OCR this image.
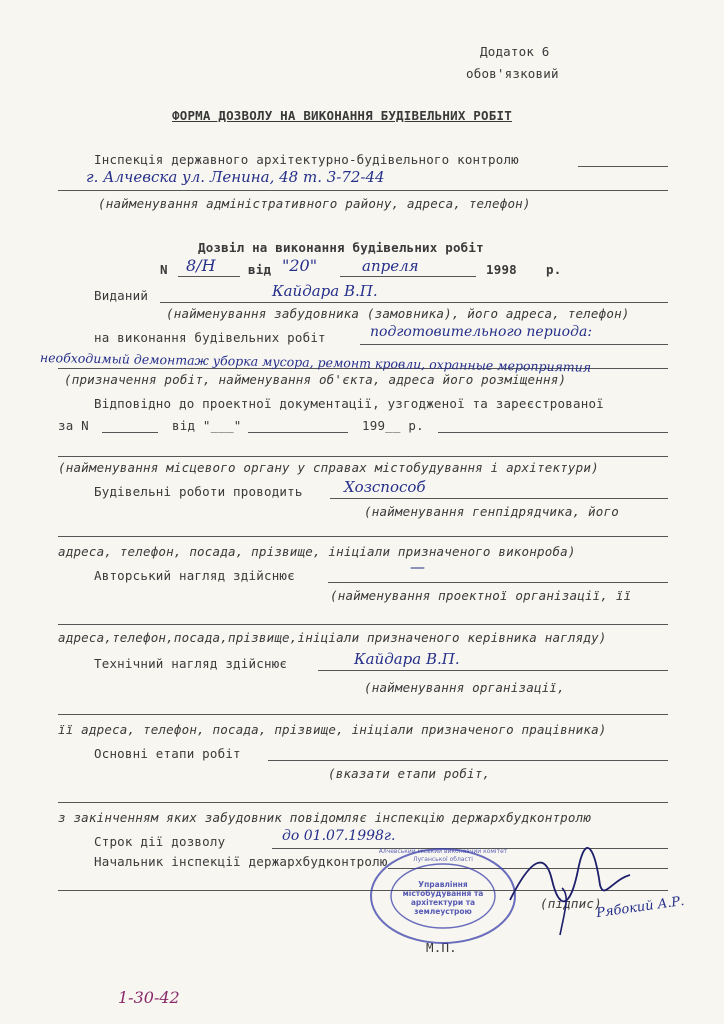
Додаток 6
обов'язковий
ФОРМА ДОЗВОЛУ НА ВИКОНАННЯ БУДІВЕЛЬНИХ РОБІТ
Інспекція державного архітектурно-будівельного контролю
г. Алчевска ул. Ленина, 48 т. 3-72-44
(найменування адміністративного району, адреса, телефон)
Дозвіл на виконання будівельних робіт
N 8/Н	від "20"	апреля	1998 р.
Виданий	Кайдара В.П.
(найменування забудовника (замовника), його адреса, телефон)
на виконання будівельних робіт	подготовительного периода:
необходимый демонтаж уборка мусора, ремонт кровли, охранные мероприятия
(призначення робіт, найменування об'єкта, адреса його розміщення)
Відповідно до проектної документації, узгодженої та зареєстрованої
за N	від "___"	199__ р.
(найменування місцевого органу у справах містобудування і архітектури)
Будівельні роботи проводить	Хозспособ
(найменування генпідрядчика, його
адреса, телефон, посада, прізвище, ініціали призначеного виконроба)
Авторський нагляд здійснює	—
(найменування проектної організації, її
адреса,телефон,посада,прізвище,ініціали призначеного керівника нагляду)
Технічний нагляд здійснює	Кайдара В.П.
(найменування організації,
її адреса, телефон, посада, прізвище, ініціали призначеного працівника)
Основні етапи робіт
(вказати етапи робіт,
з закінченням яких забудовник повідомляє інспекцію держархбудконтролю
Строк дії дозволу	до 01.07.1998г.
Начальник інспекції держархбудконтролю
(підпис)
Рябокий А.Р.
М.П.
Алчевський міський виконавчий комітет Луганської області
Управління містобудування та архітектури та землеустрою
1-30-42
